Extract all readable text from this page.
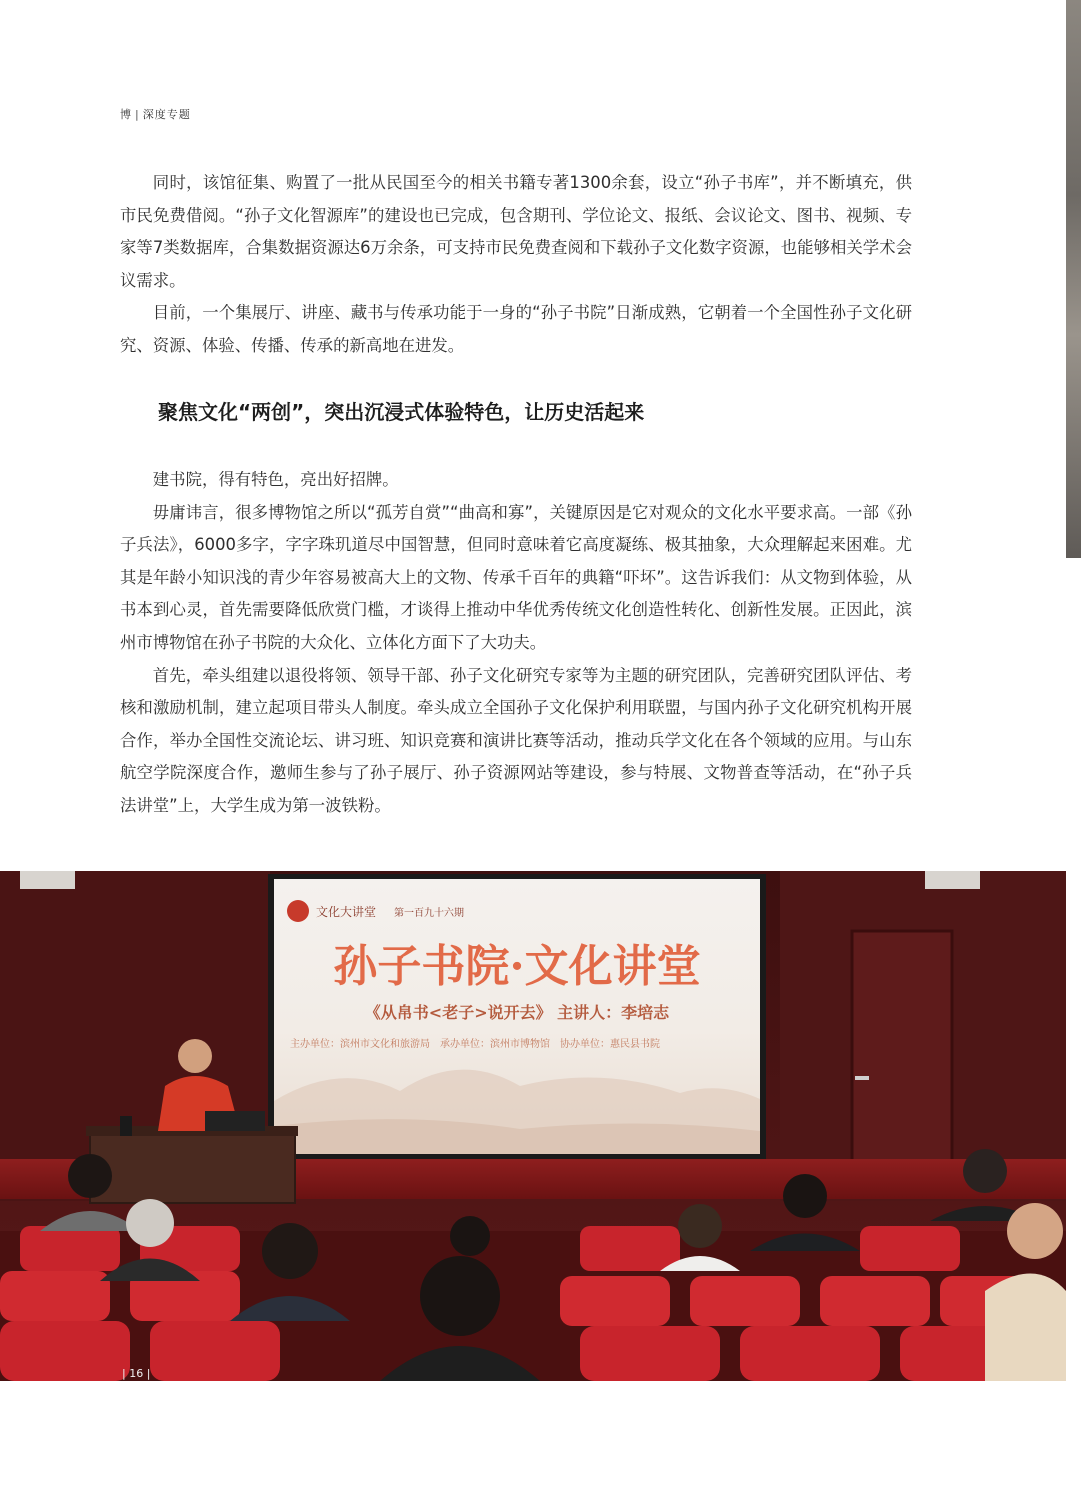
博 | 深度专题

同时，该馆征集、购置了一批从民国至今的相关书籍专著1300余套，设立“孙子书库”，并不断填充，供市民免费借阅。“孙子文化智源库”的建设也已完成，包含期刊、学位论文、报纸、会议论文、图书、视频、专家等7类数据库，合集数据资源达6万余条，可支持市民免费查阅和下载孙子文化数字资源，也能够相关学术会议需求。

目前，一个集展厅、讲座、藏书与传承功能于一身的“孙子书院”日渐成熟，它朝着一个全国性孙子文化研究、资源、体验、传播、传承的新高地在进发。

聚焦文化“两创”，突出沉浸式体验特色，让历史活起来

建书院，得有特色，亮出好招牌。

毋庸讳言，很多博物馆之所以“孤芳自赏”“曲高和寡”，关键原因是它对观众的文化水平要求高。一部《孙子兵法》，6000多字，字字珠玑道尽中国智慧，但同时意味着它高度凝练、极其抽象，大众理解起来困难。尤其是年龄小知识浅的青少年容易被高大上的文物、传承千百年的典籍“吓坏”。这告诉我们：从文物到体验，从书本到心灵，首先需要降低欣赏门槛，才谈得上推动中华优秀传统文化创造性转化、创新性发展。正因此，滨州市博物馆在孙子书院的大众化、立体化方面下了大功夫。

首先，牵头组建以退役将领、领导干部、孙子文化研究专家等为主题的研究团队，完善研究团队评估、考核和激励机制，建立起项目带头人制度。牵头成立全国孙子文化保护利用联盟，与国内孙子文化研究机构开展合作，举办全国性交流论坛、讲习班、知识竞赛和演讲比赛等活动，推动兵学文化在各个领域的应用。与山东航空学院深度合作，邀师生参与了孙子展厅、孙子资源网站等建设，参与特展、文物普查等活动，在“孙子兵法讲堂”上，大学生成为第一波铁粉。

文化大讲堂 第一百九十六期
孙子书院·文化讲堂
《从帛书<老子>说开去》 主讲人：李培志
主办单位：滨州市文化和旅游局　承办单位：滨州市博物馆　协办单位：惠民县书院
| 16 |
